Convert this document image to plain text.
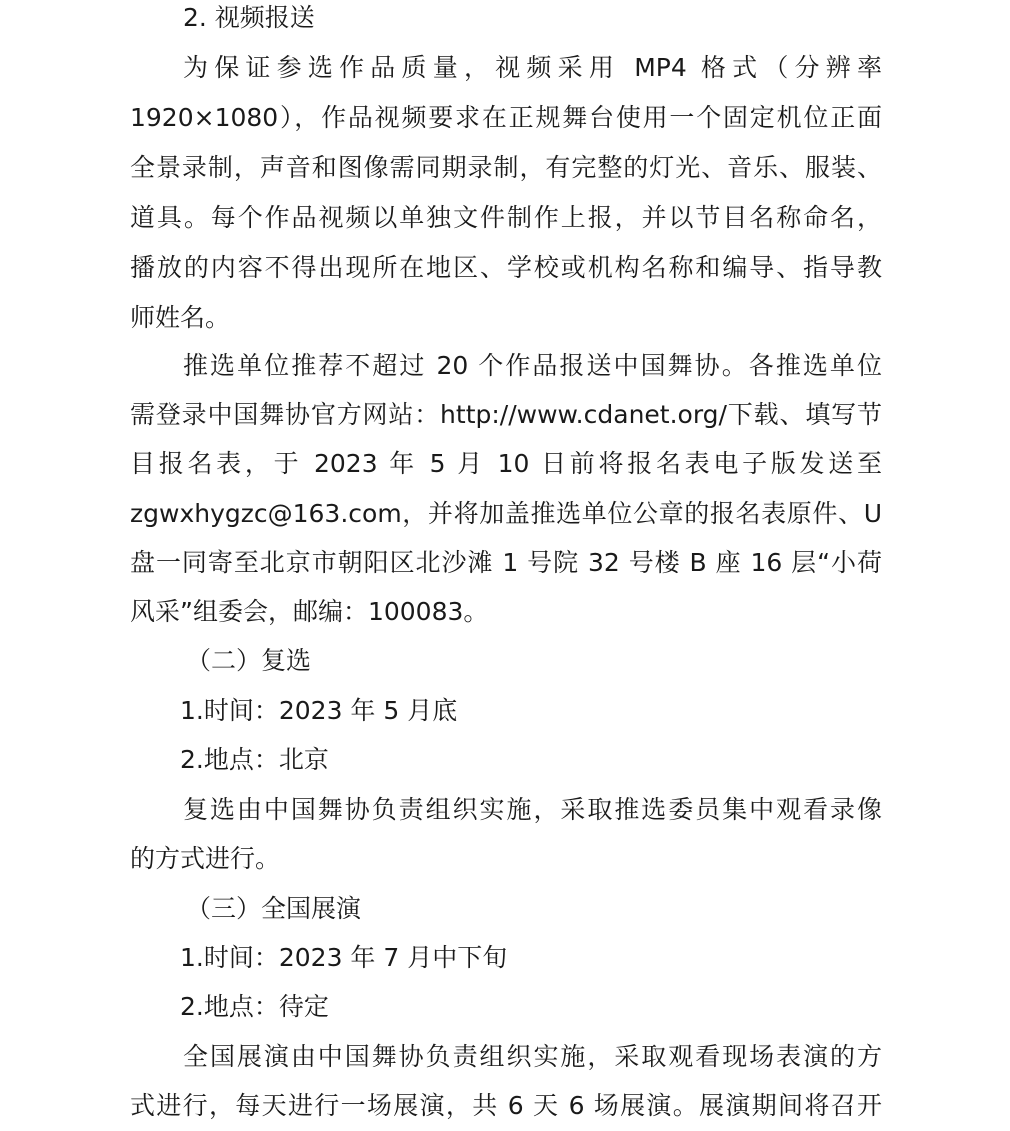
2. 视频报送
为保证参选作品质量，视频采用 MP4 格式（分辨率
1920×1080），作品视频要求在正规舞台使用一个固定机位正面
全景录制，声音和图像需同期录制，有完整的灯光、音乐、服装、
道具。每个作品视频以单独文件制作上报，并以节目名称命名，
播放的内容不得出现所在地区、学校或机构名称和编导、指导教
师姓名。
推选单位推荐不超过 20 个作品报送中国舞协。各推选单位
需登录中国舞协官方网站：http://www.cdanet.org/下载、填写节
目报名表，于 2023 年 5 月 10 日前将报名表电子版发送至
zgwxhygzc@163.com，并将加盖推选单位公章的报名表原件、U
盘一同寄至北京市朝阳区北沙滩 1 号院 32 号楼 B 座 16 层“小荷
风采”组委会，邮编：100083。
（二）复选
1.时间：2023 年 5 月底
2.地点：北京
复选由中国舞协负责组织实施，采取推选委员集中观看录像
的方式进行。
（三）全国展演
1.时间：2023 年 7 月中下旬
2.地点：待定
全国展演由中国舞协负责组织实施，采取观看现场表演的方
式进行，每天进行一场展演，共 6 天 6 场展演。展演期间将召开
